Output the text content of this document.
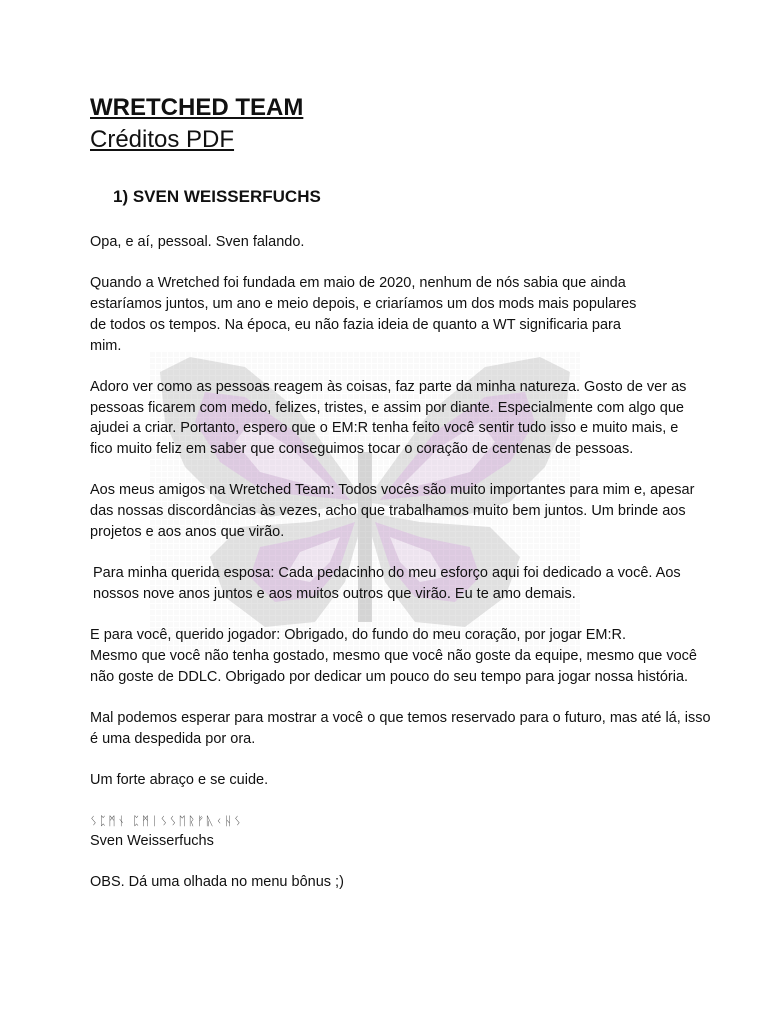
WRETCHED TEAM

Créditos PDF

1) SVEN WEISSERFUCHS

Opa, e aí, pessoal. Sven falando.

Quando a Wretched foi fundada em maio de 2020, nenhum de nós sabia que ainda
estaríamos juntos, um ano e meio depois, e criaríamos um dos mods mais populares
de todos os tempos. Na época, eu não fazia ideia de quanto a WT significaria para
mim.

Adoro ver como as pessoas reagem às coisas, faz parte da minha natureza. Gosto de ver as
pessoas ficarem com medo, felizes, tristes, e assim por diante. Especialmente com algo que
ajudei a criar. Portanto, espero que o EM:R tenha feito você sentir tudo isso e muito mais, e
fico muito feliz em saber que conseguimos tocar o coração de centenas de pessoas.

Aos meus amigos na Wretched Team: Todos vocês são muito importantes para mim e, apesar
das nossas discordâncias às vezes, acho que trabalhamos muito bem juntos. Um brinde aos
projetos e aos anos que virão.

Para minha querida esposa: Cada pedacinho do meu esforço aqui foi dedicado a você. Aos
nossos nove anos juntos e aos muitos outros que virão. Eu te amo demais.

E para você, querido jogador: Obrigado, do fundo do meu coração, por jogar EM:R.
Mesmo que você não tenha gostado, mesmo que você não goste da equipe, mesmo que você
não goste de DDLC. Obrigado por dedicar um pouco do seu tempo para jogar nossa história.

Mal podemos esperar para mostrar a você o que temos reservado para o futuro, mas até lá, isso
é uma despedida por ora.

Um forte abraço e se cuide.

ᛊᛈᛗᚾ ᛈᛗᛁᛊᛊᛖᚱᚠᚣᚲᚺᛊ

Sven Weisserfuchs

OBS. Dá uma olhada no menu bônus ;)
